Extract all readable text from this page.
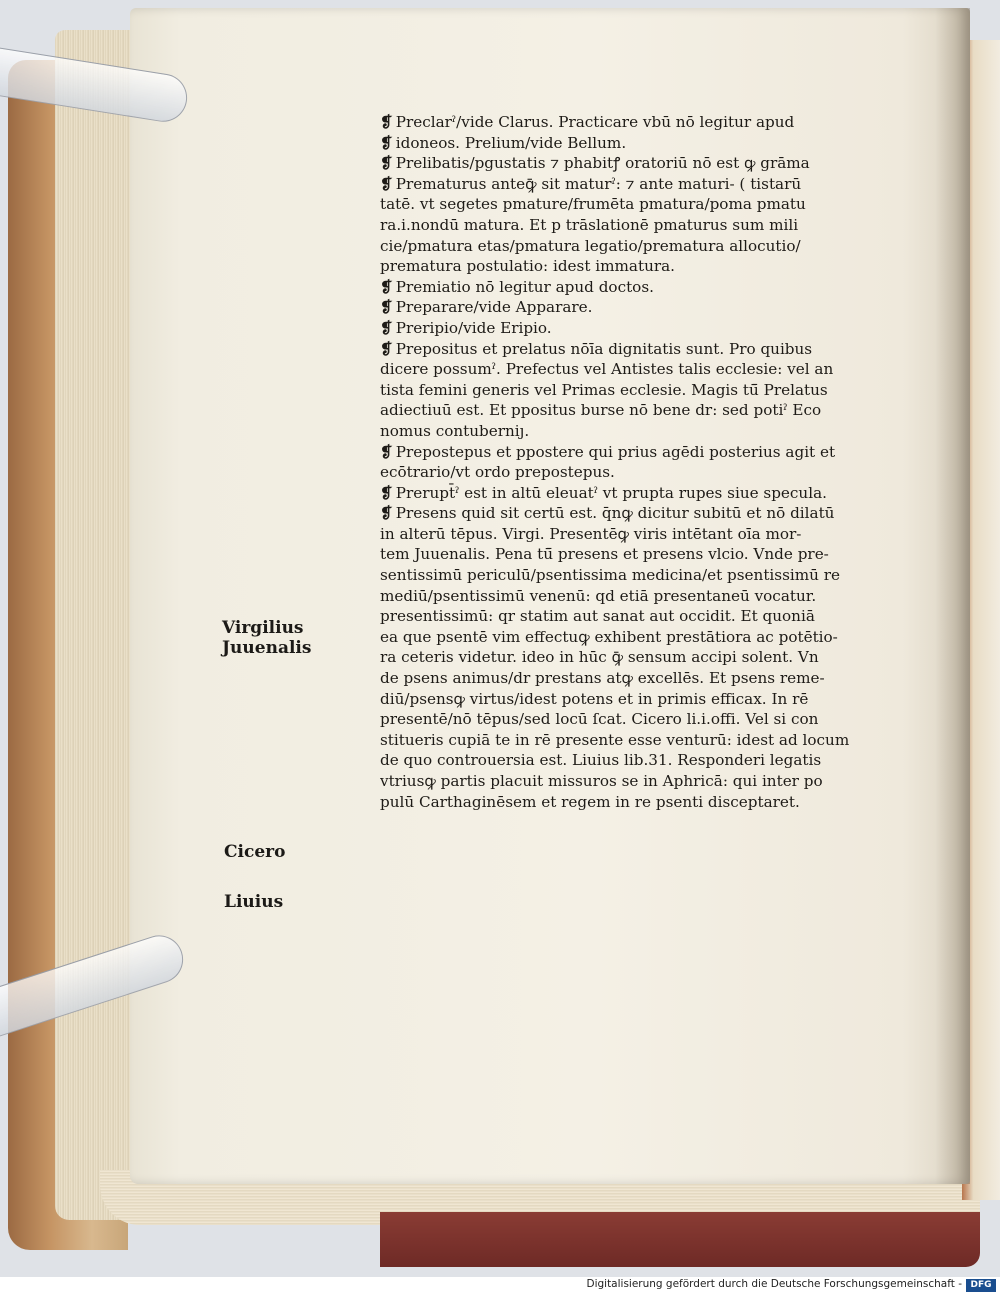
Virgilius
Juuenalis
Cicero
Liuius
❡ Preclarˀ/vide Clarus. Practicare vbū nō legitur apud
❡ idoneos. Prelium/vide Bellum.
❡ Prelibatis/pgustatis ⁊ phabitꝭ oratoriū nō est ꝙ grāma
❡ Prematurus anteꝙ̄ sit maturˀ: ⁊ ante maturi- ( tistarū
tatē. vt segetes pmature/frumēta pmatura/poma pmatu
ra.i.nondū matura. Et p trāslationē pmaturus sum mili
cie/pmatura etas/pmatura legatio/prematura allocutio/
prematura postulatio: idest immatura.
❡ Premiatio nō legitur apud doctos.
❡ Preparare/vide Apparare.
❡ Preripio/vide Eripio.
❡ Prepositus et prelatus nōīa dignitatis sunt. Pro quibus
dicere possumˀ. Prefectus vel Antistes talis ecclesie: vel an
tista femini generis vel Primas ecclesie. Magis tū̄ Prelatus
adiectiuū est. Et ppositus burse nō bene dr: sed potiˀ Eco
nomus contuberniȷ.
❡ Prepostерus et ppostere qui prius agēdi posterius agit et
ecōtrario/vt ordo prepostерus.
❡ Prerupt̄ˀ est in altū eleuatˀ vt prupta rupes siue specula.
❡ Presens quid sit certū est. q̄nꝙ dicitur subitū et nō dilatū
in alterū tēpus. Virgi. Presentēꝙ viris intētant oīa mor-
tem Juuenalis. Pena tū̄ presens et presens vlcio. Vnde pre-
sentissimū periculū/psentissima medicina/et psentissimū re
mediū/psentissimū venenū: qd etiā presentaneū vocatur.
presentissimū: qr statim aut sanat aut occidit. Et quoniā
ea que psentē vim effectuꝙ exhibent prestātiora ac potētio-
ra ceteris videtur. ideo in hūc ꝙ̄ sensum accipi solent. Vn
de psens animus/dr prestans atꝙ excellēs. Et psens reme-
diū/psensꝙ virtus/idest potens et in primis efficax. In rē
presentē/nō tēpus/sed locū ſcat. Cicero li.i.offi. Vel si con
stitueris cupiā te in rē presente esse venturū: idest ad locum
de quo controuersia est. Liuius lib.31. Responderi legatis
vtriusꝙ partis placuit missuros se in Aphricā: qui inter po
pulū Carthaginēsem et regem in re psenti disceptaret.
Digitalisierung gefördert durch die Deutsche Forschungsgemeinschaft - DFG
